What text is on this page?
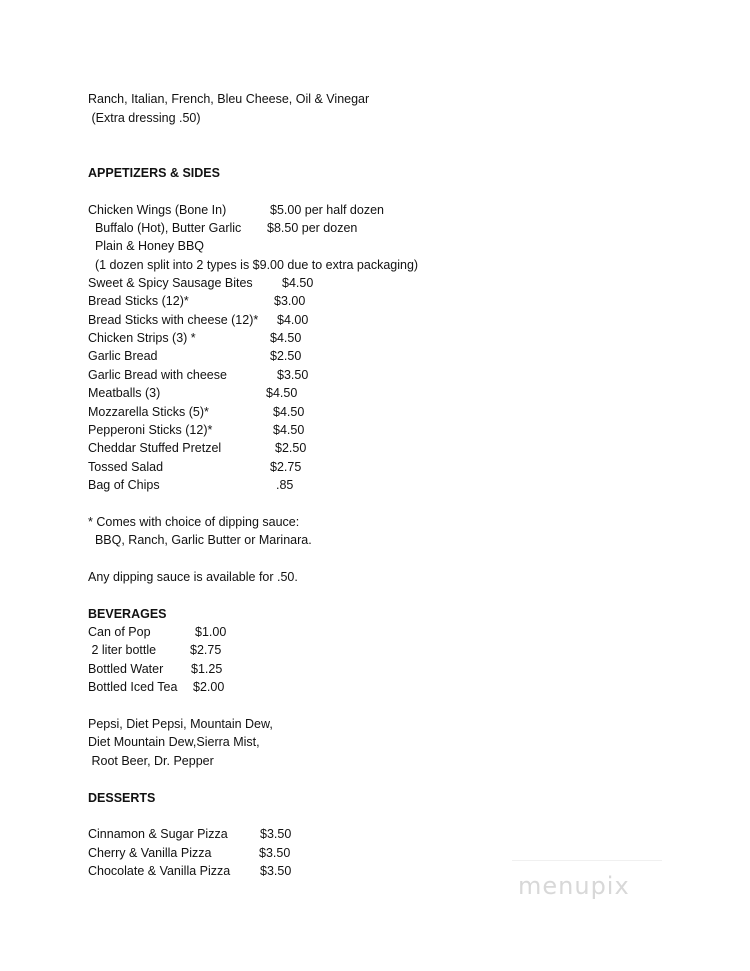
Ranch, Italian, French, Bleu Cheese, Oil & Vinegar
(Extra dressing .50)
APPETIZERS & SIDES
Chicken Wings (Bone In)	$5.00 per half dozen
Buffalo (Hot), Butter Garlic $8.50 per dozen
Plain & Honey BBQ
(1 dozen split into 2 types is $9.00 due to extra packaging)
Sweet & Spicy Sausage Bites $4.50
Bread Sticks (12)*	$3.00
Bread Sticks with cheese (12)* $4.00
Chicken Strips (3) *	$4.50
Garlic Bread	$2.50
Garlic Bread with cheese	$3.50
Meatballs (3)	$4.50
Mozzarella Sticks (5)*	$4.50
Pepperoni Sticks (12)*	$4.50
Cheddar Stuffed Pretzel	$2.50
Tossed Salad	$2.75
Bag of Chips	.85
* Comes with choice of dipping sauce:
BBQ, Ranch, Garlic Butter or Marinara.
Any dipping sauce is available for .50.
BEVERAGES
Can of Pop	$1.00
2 liter bottle	$2.75
Bottled Water $1.25
Bottled Iced Tea $2.00
Pepsi, Diet Pepsi, Mountain Dew,
Diet Mountain Dew,Sierra Mist,
Root Beer, Dr. Pepper
DESSERTS
Cinnamon & Sugar Pizza	$3.50
Cherry & Vanilla Pizza	$3.50
Chocolate & Vanilla Pizza $3.50
menupix
